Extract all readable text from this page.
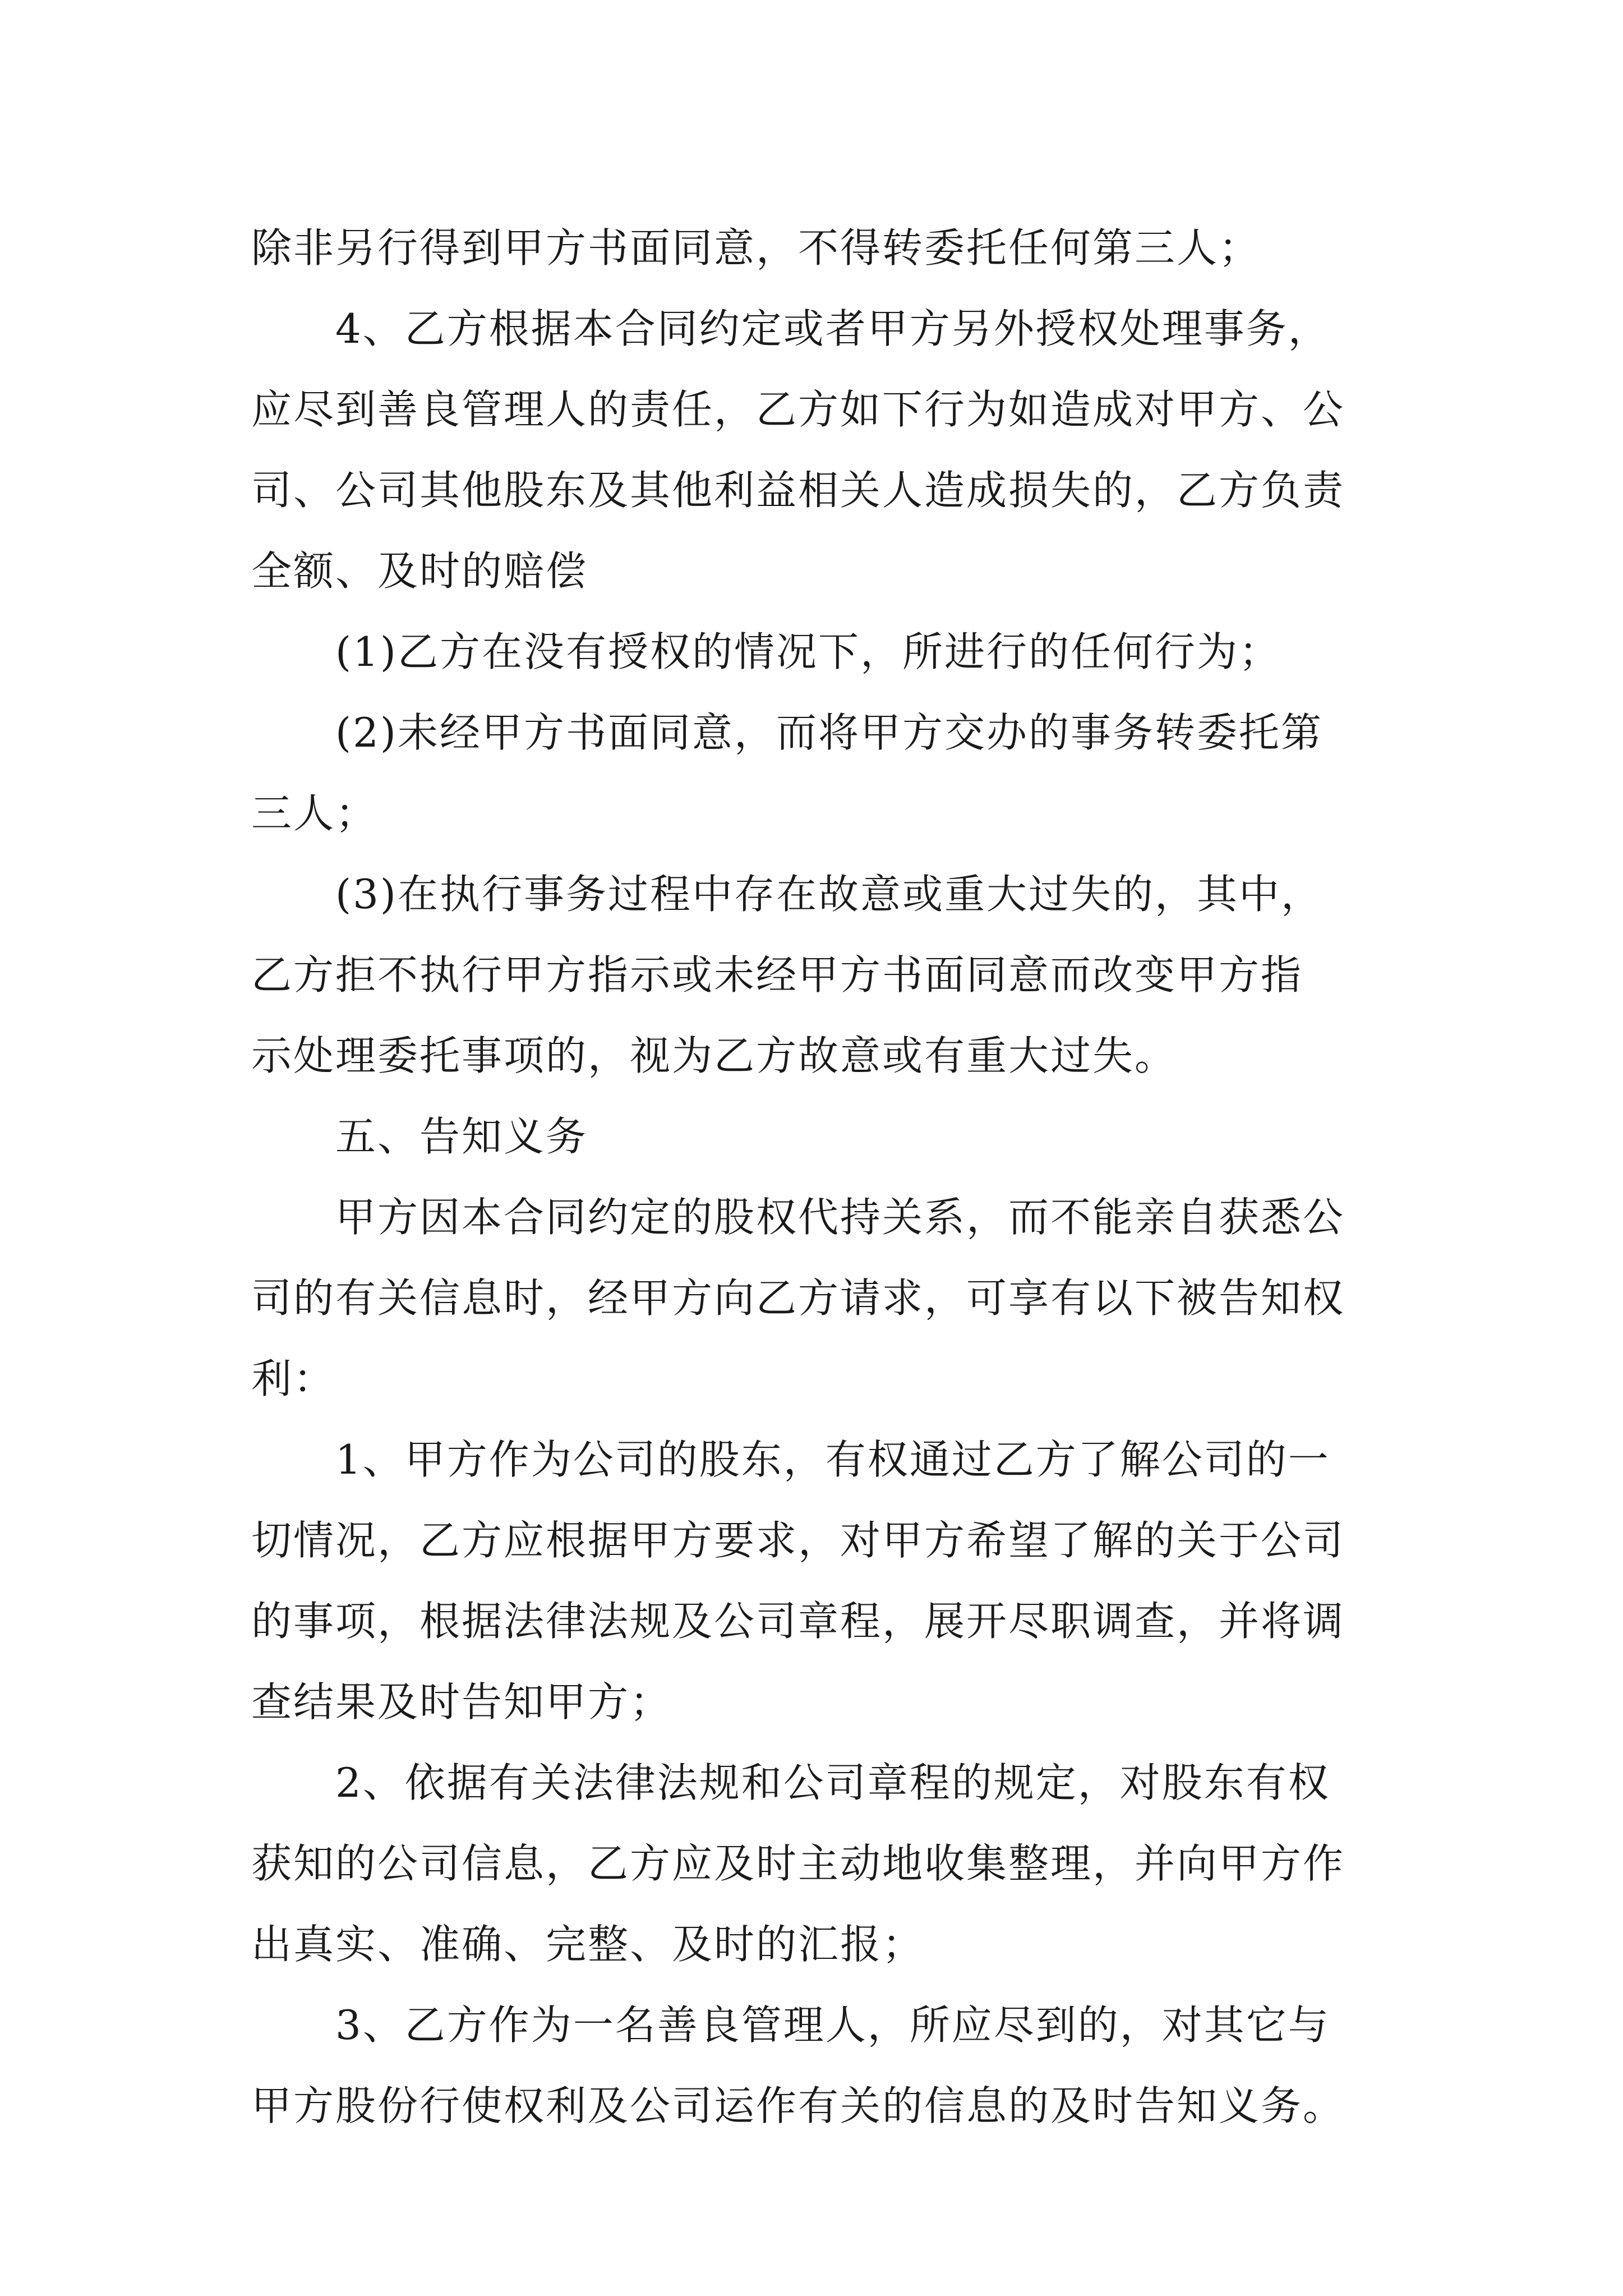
除非另行得到甲方书面同意，不得转委托任何第三人；
4、乙方根据本合同约定或者甲方另外授权处理事务，
应尽到善良管理人的责任，乙方如下行为如造成对甲方、公
司、公司其他股东及其他利益相关人造成损失的，乙方负责
全额、及时的赔偿
(1)乙方在没有授权的情况下，所进行的任何行为；
(2)未经甲方书面同意，而将甲方交办的事务转委托第
三人；
(3)在执行事务过程中存在故意或重大过失的，其中，
乙方拒不执行甲方指示或未经甲方书面同意而改变甲方指
示处理委托事项的，视为乙方故意或有重大过失。
五、告知义务
甲方因本合同约定的股权代持关系，而不能亲自获悉公
司的有关信息时，经甲方向乙方请求，可享有以下被告知权
利：
1、甲方作为公司的股东，有权通过乙方了解公司的一
切情况，乙方应根据甲方要求，对甲方希望了解的关于公司
的事项，根据法律法规及公司章程，展开尽职调查，并将调
查结果及时告知甲方；
2、依据有关法律法规和公司章程的规定，对股东有权
获知的公司信息，乙方应及时主动地收集整理，并向甲方作
出真实、准确、完整、及时的汇报；
3、乙方作为一名善良管理人，所应尽到的，对其它与
甲方股份行使权利及公司运作有关的信息的及时告知义务。
